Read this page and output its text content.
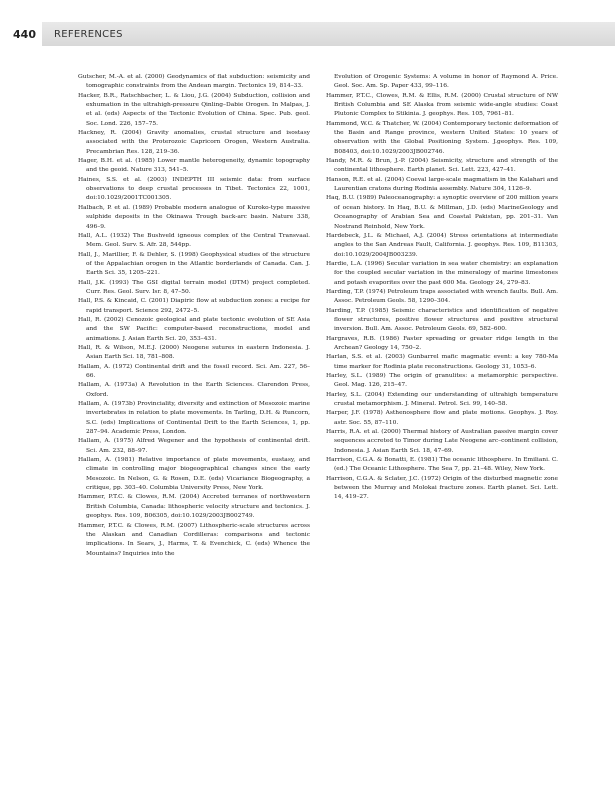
440	REFERENCES

Gutscher, M.-A. et al. (2000) Geodynamics of flat subduction: seismicity and tomographic constraints from the Andean margin. Tectonics 19, 814–33.

Hacker, B.R., Ratschbacher, L. & Liou, J.G. (2004) Subduction, collision and exhumation in the ultrahigh-pressure Qinling–Dabie Orogen. In Malpas, J. et al. (eds) Aspects of the Tectonic Evolution of China. Spec. Pub. geol. Soc. Lond. 226, 157–75.

Hackney, R. (2004) Gravity anomalies, crustal structure and isostasy associated with the Proterozoic Capricorn Orogen, Western Australia. Precambrian Res. 128, 219–36.

Hager, B.H. et al. (1985) Lower mantle heterogeneity, dynamic topography and the geoid. Nature 313, 541–5.

Haines, S.S. et al. (2003) INDEPTH III seismic data: from surface observations to deep crustal processes in Tibet. Tectonics 22, 1001, doi:10.1029/2001TC001305.

Halbach, P. et al. (1989) Probable modern analogue of Kuroko-type massive sulphide deposits in the Okinawa Trough back-arc basin. Nature 338, 496–9.

Hall, A.L. (1932) The Bushveld igneous complex of the Central Transvaal. Mem. Geol. Surv. S. Afr. 28, 544pp.

Hall, J., Marillier, F. & Dehler, S. (1998) Geophysical studies of the structure of the Appalachian orogen in the Atlantic borderlands of Canada. Can. J. Earth Sci. 35, 1205–221.

Hall, J.K. (1993) The GSI digital terrain model (DTM) project completed. Curr. Res. Geol. Surv. Isr. 8, 47–50.

Hall, P.S. & Kincaid, C. (2001) Diapiric flow at subduction zones: a recipe for rapid transport. Science 292, 2472–5.

Hall, R. (2002) Cenozoic geological and plate tectonic evolution of SE Asia and the SW Pacific: computer-based reconstructions, model and animations. J. Asian Earth Sci. 20, 353–431.

Hall, R. & Wilson, M.E.J. (2000) Neogene sutures in eastern Indonesia. J. Asian Earth Sci. 18, 781–808.

Hallam, A. (1972) Continental drift and the fossil record. Sci. Am. 227, 56–66.

Hallam, A. (1973a) A Revolution in the Earth Sciences. Clarendon Press, Oxford.

Hallam, A. (1973b) Provinciality, diversity and extinction of Mesozoic marine invertebrates in relation to plate movements. In Tarling, D.H. & Runcorn, S.C. (eds) Implications of Continental Drift to the Earth Sciences, 1, pp. 287–94. Academic Press, London.

Hallam, A. (1975) Alfred Wegener and the hypothesis of continental drift. Sci. Am. 232, 88–97.

Hallam, A. (1981) Relative importance of plate movements, eustasy, and climate in controlling major biogeographical changes since the early Mesozoic. In Nelson, G. & Rosen, D.E. (eds) Vicariance Biogeography, a critique, pp. 303–40. Columbia University Press, New York.

Hammer, P.T.C. & Clowes, R.M. (2004) Accreted terranes of northwestern British Columbia, Canada: lithospheric velocity structure and tectonics. J. geophys. Res. 109, B06305, doi:10.1029/2003JB002749.

Hammer, P.T.C. & Clowes, R.M. (2007) Lithospheric-scale structures across the Alaskan and Canadian Cordilleras: comparisons and tectonic implications. In Sears, J., Harms, T. & Evenchick, C. (eds) Whence the Mountains? Inquiries into the

Evolution of Orogenic Systems: A volume in honor of Raymond A. Price. Geol. Soc. Am. Sp. Paper 433, 99–116.

Hammer, P.T.C., Clowes, R.M. & Ellis, R.M. (2000) Crustal structure of NW British Columbia and SE Alaska from seismic wide-angle studies: Coast Plutonic Complex to Stikinia. J. geophys. Res. 105, 7961–81.

Hammond, W.C. & Thatcher, W. (2004) Contemporary tectonic deformation of the Basin and Range province, western United States: 10 years of observation with the Global Positioning System. J.geophys. Res. 109, B08403, doi:10.1029/2003JB002746.

Handy, M.R. & Brun, J.-P. (2004) Seismicity, structure and strength of the continental lithosphere. Earth planet. Sci. Lett. 223, 427–41.

Hanson, R.E. et al. (2004) Coeval large-scale magmatism in the Kalahari and Laurentian cratons during Rodinia assembly. Nature 304, 1126–9.

Haq, B.U. (1989) Paleoceanography: a synoptic overview of 200 million years of ocean history. In Haq, B.U. & Millman, J.D. (eds) MarineGeology and Oceanography of Arabian Sea and Coastal Pakistan, pp. 201–31. Van Nostrand Reinhold, New York.

Hardebeck, J.L. & Michael, A.J. (2004) Stress orientations at intermediate angles to the San Andreas Fault, California. J. geophys. Res. 109, B11303, doi:10.1029/2004JB003239.

Hardie, L.A. (1996) Secular variation in sea water chemistry: an explanation for the coupled secular variation in the mineralogy of marine limestones and potash evaporites over the past 600 Ma. Geology 24, 279–83.

Harding, T.P. (1974) Petroleum traps associated with wrench faults. Bull. Am. Assoc. Petroleum Geols. 58, 1290–304.

Harding, T.P. (1985) Seismic characteristics and identification of negative flower structures, positive flower structures and positive structural inversion. Bull. Am. Assoc. Petroleum Geols. 69, 582–600.

Hargraves, R.B. (1986) Faster spreading or greater ridge length in the Archean? Geology 14, 750–2.

Harlan, S.S. et al. (2003) Gunbarrel mafic magmatic event: a key 780-Ma time marker for Rodinia plate reconstructions. Geology 31, 1053–6.

Harley, S.L. (1989) The origin of granulites: a metamorphic perspective. Geol. Mag. 126, 215–47.

Harley, S.L. (2004) Extending our understanding of ultrahigh temperature crustal metamorphism. J. Mineral. Petrol. Sci. 99, 140–58.

Harper, J.F. (1978) Asthenosphere flow and plate motions. Geophys. J. Roy. astr. Soc. 55, 87–110.

Harris, R.A. et al. (2000) Thermal history of Australian passive margin cover sequences accreted to Timor during Late Neogene arc–continent collision, Indonesia. J. Asian Earth Sci. 18, 47–69.

Harrison, C.G.A. & Bonatti, E. (1981) The oceanic lithosphere. In Emiliani. C. (ed.) The Oceanic Lithosphere. The Sea 7, pp. 21–48. Wiley, New York.

Harrison, C.G.A. & Sclater, J.C. (1972) Origin of the disturbed magnetic zone between the Murray and Molokai fracture zones. Earth planet. Sci. Lett. 14, 419–27.
